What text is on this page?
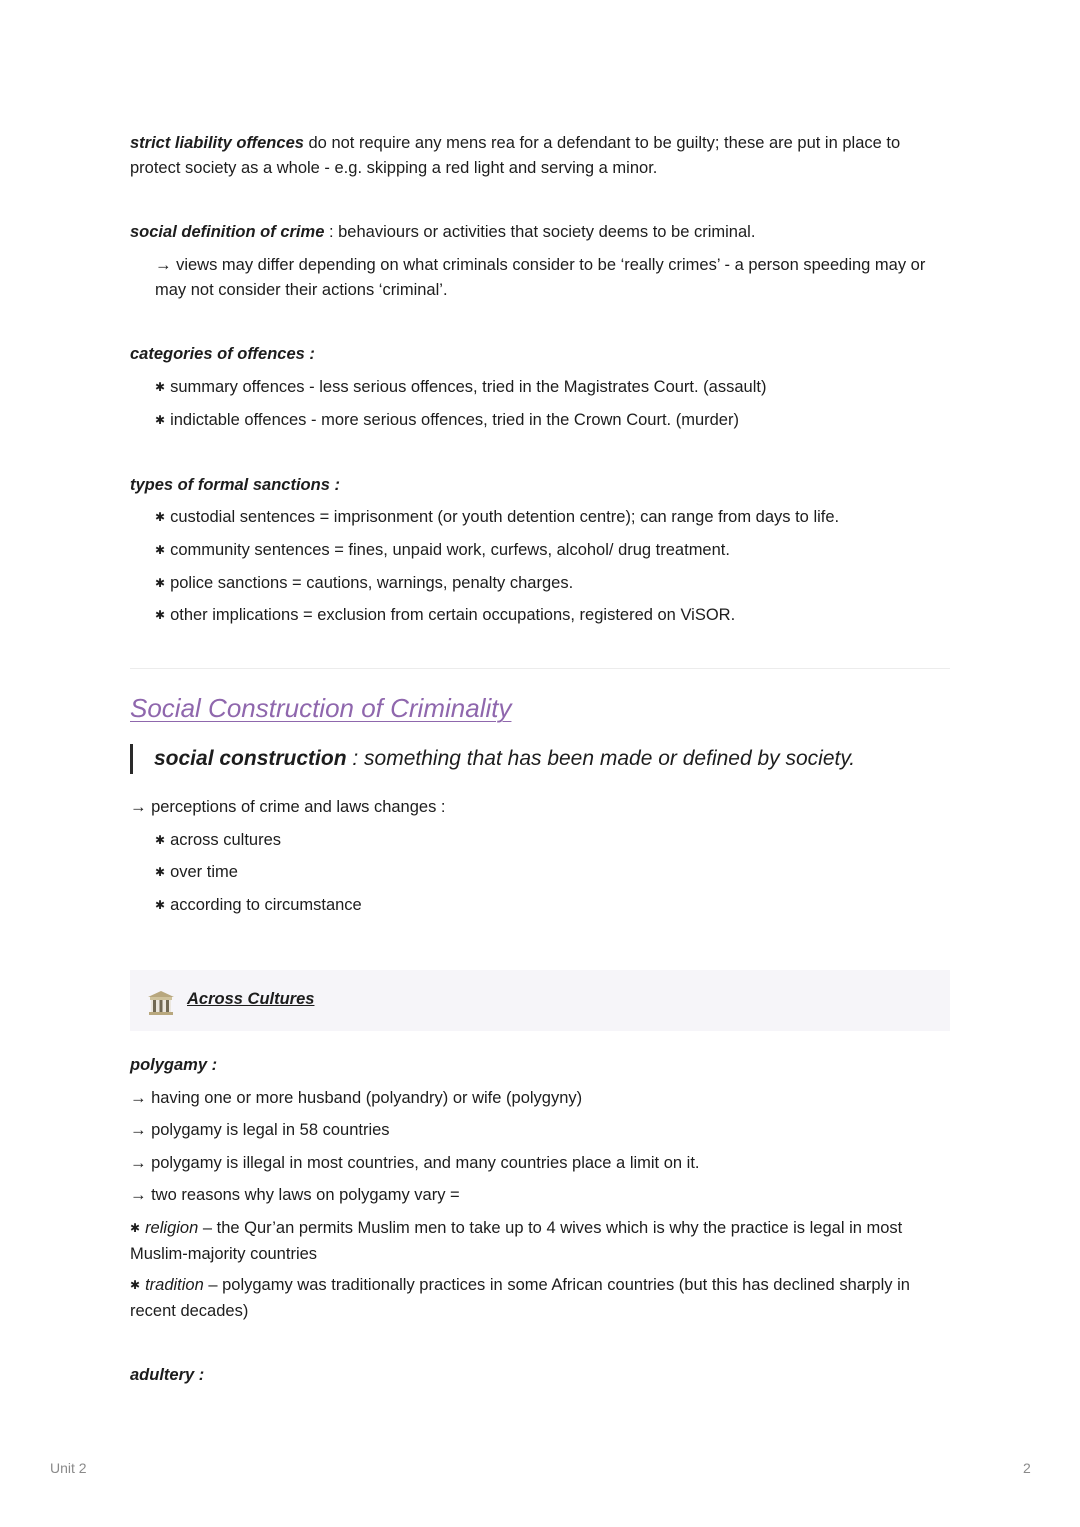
strict liability offences do not require any mens rea for a defendant to be guilty; these are put in place to protect society as a whole - e.g. skipping a red light and serving a minor.
social definition of crime : behaviours or activities that society deems to be criminal.
→ views may differ depending on what criminals consider to be ‘really crimes’ - a person speeding may or may not consider their actions ‘criminal’.
categories of offences :
✱ summary offences - less serious offences, tried in the Magistrates Court. (assault)
✱ indictable offences - more serious offences, tried in the Crown Court. (murder)
types of formal sanctions :
✱ custodial sentences = imprisonment (or youth detention centre); can range from days to life.
✱ community sentences = fines, unpaid work, curfews, alcohol/ drug treatment.
✱ police sanctions = cautions, warnings, penalty charges.
✱ other implications = exclusion from certain occupations, registered on ViSOR.
Social Construction of Criminality
social construction : something that has been made or defined by society.
→ perceptions of crime and laws changes :
✱ across cultures
✱ over time
✱ according to circumstance
Across Cultures
polygamy :
→ having one or more husband (polyandry) or wife (polygyny)
→ polygamy is legal in 58 countries
→ polygamy is illegal in most countries, and many countries place a limit on it.
→ two reasons why laws on polygamy vary =
✱ religion – the Qur’an permits Muslim men to take up to 4 wives which is why the practice is legal in most Muslim-majority countries
✱ tradition – polygamy was traditionally practices in some African countries (but this has declined sharply in recent decades)
adultery :
Unit 2	2
